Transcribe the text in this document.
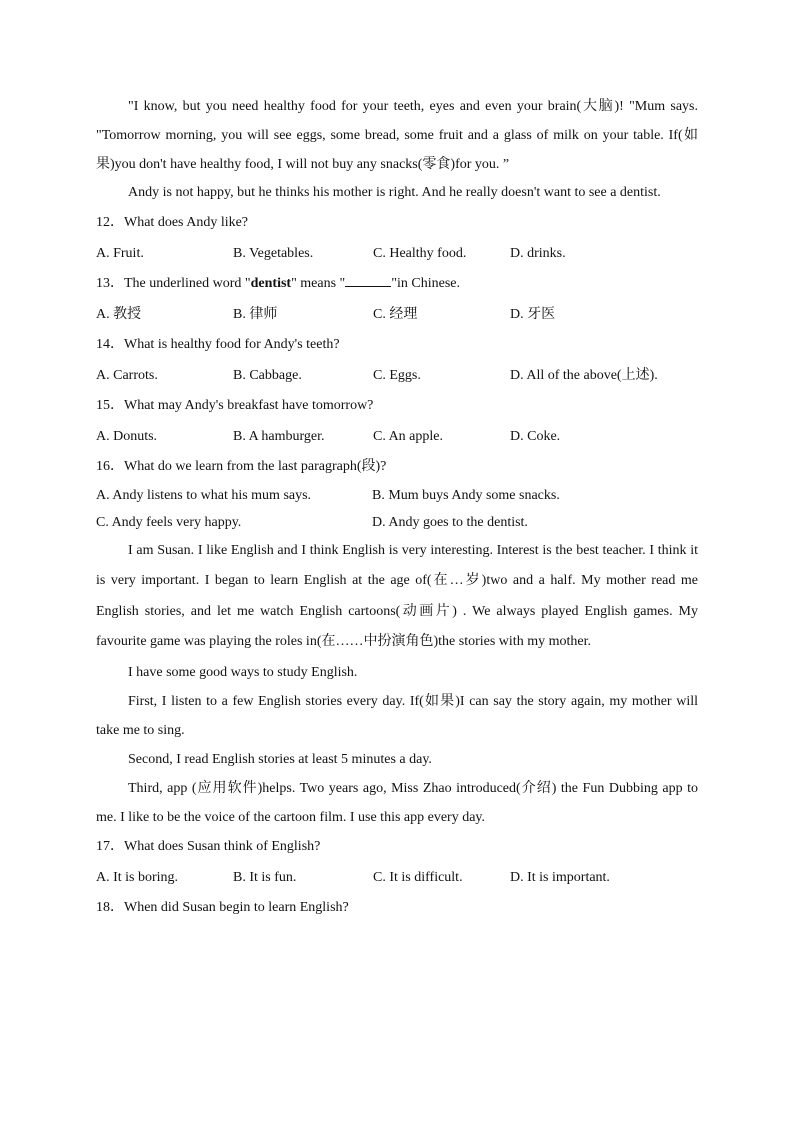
"I know, but you need healthy food for your teeth, eyes and even your brain(大脑)! "Mum says. "Tomorrow morning, you will see eggs, some bread, some fruit and a glass of milk on your table. If(如果)you don't have healthy food, I will not buy any snacks(零食)for you. ”

Andy is not happy, but he thinks his mother is right. And he really doesn't want to see a dentist.

12．What does Andy like?

A. Fruit.	B. Vegetables.	C. Healthy food.	D. drinks.

13．The underlined word "dentist" means "	"in Chinese.

A. 教授	B. 律师	C. 经理	D. 牙医

14．What is healthy food for Andy's teeth?

A. Carrots.	B. Cabbage.	C. Eggs.	D. All of the above(上述).

15．What may Andy's breakfast have tomorrow?

A. Donuts.	B. A hamburger.	C. An apple.	D. Coke.

16．What do we learn from the last paragraph(段)?

A. Andy listens to what his mum says.	B. Mum buys Andy some snacks.
C. Andy feels very happy.	D. Andy goes to the dentist.

I am Susan. I like English and I think English is very interesting. Interest is the best teacher. I think it is very important. I began to learn English at the age of(在…岁)two and a half. My mother read me English stories, and let me watch English cartoons(动画片) . We always played English games. My favourite game was playing the roles in(在……中扮演角色)the stories with my mother.

I have some good ways to study English.

First, I listen to a few English stories every day. If(如果)I can say the story again, my mother will take me to sing.

Second, I read English stories at least 5 minutes a day.

Third, app (应用软件)helps. Two years ago, Miss Zhao introduced(介绍) the Fun Dubbing app to me. I like to be the voice of the cartoon film. I use this app every day.

17．What does Susan think of English?

A. It is boring.	B. It is fun.	C. It is difficult.	D. It is important.

18．When did Susan begin to learn English?
